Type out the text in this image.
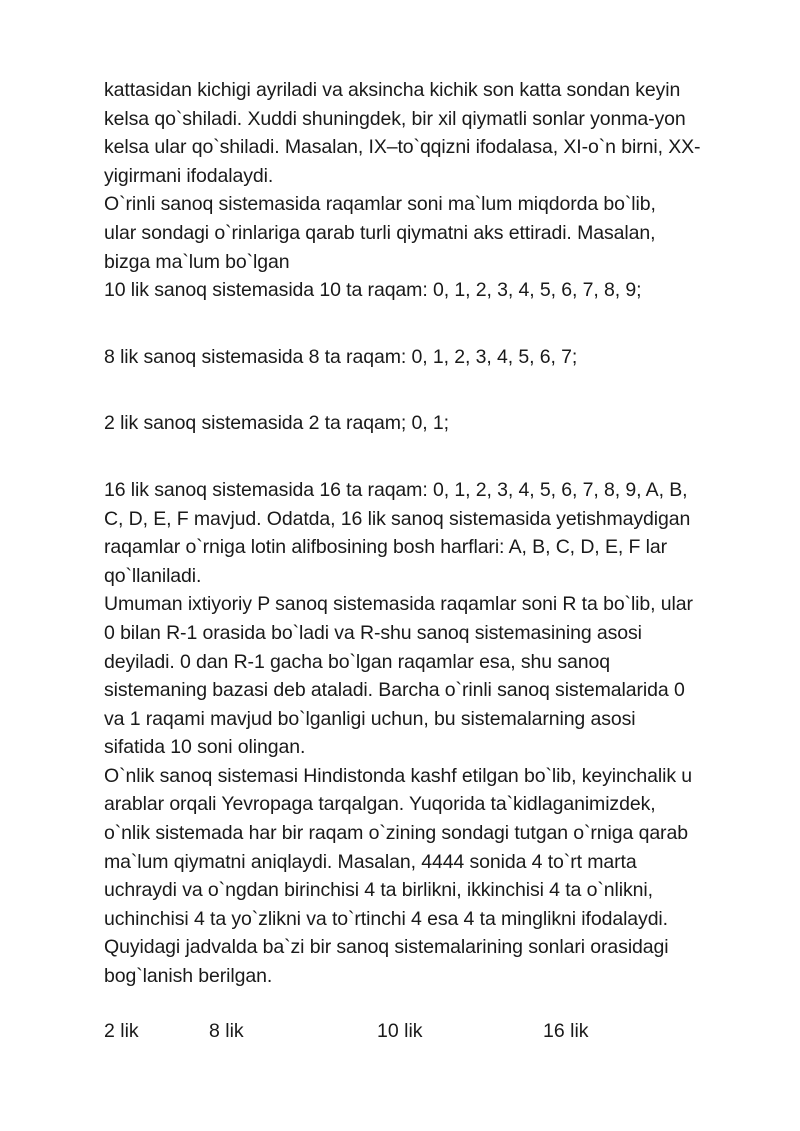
kattasidan kichigi ayriladi va aksincha kichik son katta sondan keyin
kelsa qo`shiladi. Xuddi shuningdek, bir xil qiymatli sonlar yonma-yon
kelsa ular qo`shiladi. Masalan, IX–to`qqizni ifodalasa, XI-o`n birni, XX-
yigirmani ifodalaydi.
O`rinli sanoq sistemasida raqamlar soni ma`lum miqdorda bo`lib,
ular sondagi o`rinlariga qarab turli qiymatni aks ettiradi. Masalan,
bizga ma`lum bo`lgan
10 lik sanoq sistemasida 10 ta raqam: 0, 1, 2, 3, 4, 5, 6, 7, 8, 9;
8 lik sanoq sistemasida 8 ta raqam: 0, 1, 2, 3, 4, 5, 6, 7;
2 lik sanoq sistemasida 2 ta raqam; 0, 1;
16 lik sanoq sistemasida 16 ta raqam: 0, 1, 2, 3, 4, 5, 6, 7, 8, 9, A, B,
C, D, E, F mavjud. Odatda, 16 lik sanoq sistemasida yetishmaydigan
raqamlar o`rniga lotin alifbosining bosh harflari: A, B, C, D, E, F lar
qo`llaniladi.
Umuman ixtiyoriy P sanoq sistemasida raqamlar soni R ta bo`lib, ular
0 bilan R-1 orasida bo`ladi va R-shu sanoq sistemasining asosi
deyiladi. 0 dan R-1 gacha bo`lgan raqamlar esa, shu sanoq
sistemaning bazasi deb ataladi. Barcha o`rinli sanoq sistemalarida 0
va 1 raqami mavjud bo`lganligi uchun, bu sistemalarning asosi
sifatida 10 soni olingan.
O`nlik sanoq sistemasi Hindistonda kashf etilgan bo`lib, keyinchalik u
arablar orqali Yevropaga tarqalgan. Yuqorida ta`kidlaganimizdek,
o`nlik sistemada har bir raqam o`zining sondagi tutgan o`rniga qarab
ma`lum qiymatni aniqlaydi. Masalan, 4444 sonida 4 to`rt marta
uchraydi va o`ngdan birinchisi 4 ta birlikni, ikkinchisi 4 ta o`nlikni,
uchinchisi 4 ta yo`zlikni va to`rtinchi 4 esa 4 ta minglikni ifodalaydi.
Quyidagi jadvalda ba`zi bir sanoq sistemalarining sonlari orasidagi
bog`lanish berilgan.
2 lik	8 lik	10 lik	16 lik
